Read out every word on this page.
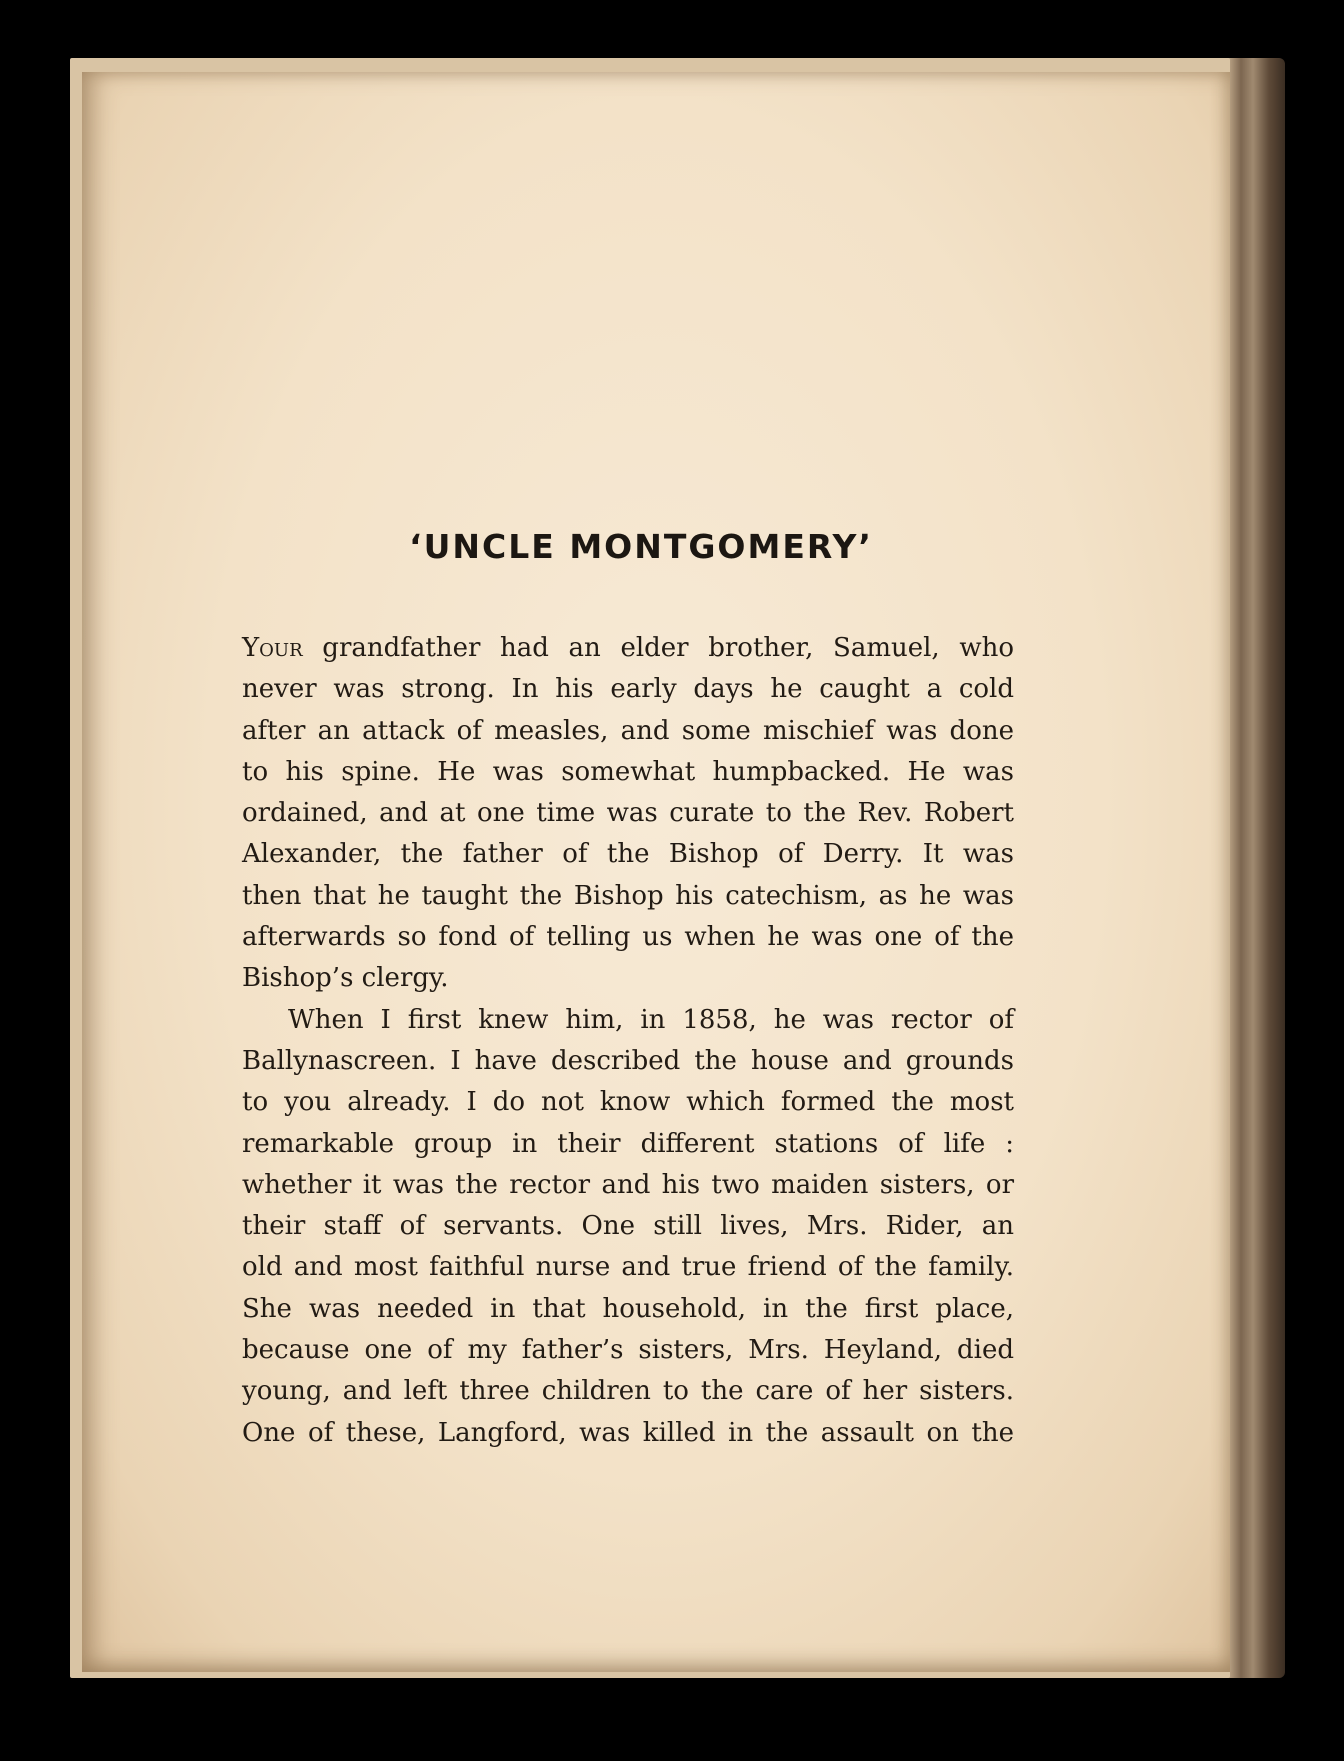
‘UNCLE MONTGOMERY’
Your grandfather had an elder brother, Samuel, who
never was strong. In his early days he caught a cold
after an attack of measles, and some mischief was done
to his spine. He was somewhat humpbacked. He was
ordained, and at one time was curate to the Rev. Robert
Alexander, the father of the Bishop of Derry. It was
then that he taught the Bishop his catechism, as he was
afterwards so fond of telling us when he was one of the
Bishop’s clergy.
When I first knew him, in 1858, he was rector of
Ballynascreen. I have described the house and grounds
to you already. I do not know which formed the most
remarkable group in their different stations of life :
whether it was the rector and his two maiden sisters, or
their staff of servants. One still lives, Mrs. Rider, an
old and most faithful nurse and true friend of the family.
She was needed in that household, in the first place,
because one of my father’s sisters, Mrs. Heyland, died
young, and left three children to the care of her sisters.
One of these, Langford, was killed in the assault on the
